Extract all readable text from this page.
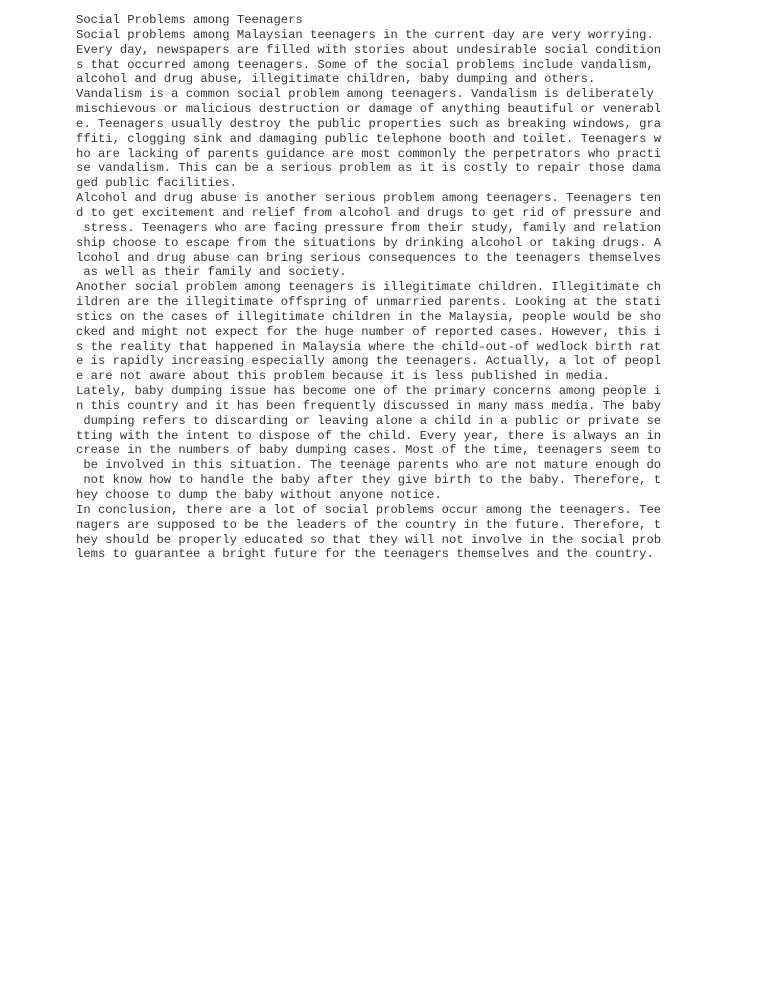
Social Problems among Teenagers
Social problems among Malaysian teenagers in the current day are very worrying.
Every day, newspapers are filled with stories about undesirable social condition
s that occurred among teenagers. Some of the social problems include vandalism,
alcohol and drug abuse, illegitimate children, baby dumping and others.
Vandalism is a common social problem among teenagers. Vandalism is deliberately
mischievous or malicious destruction or damage of anything beautiful or venerabl
e. Teenagers usually destroy the public properties such as breaking windows, gra
ffiti, clogging sink and damaging public telephone booth and toilet. Teenagers w
ho are lacking of parents guidance are most commonly the perpetrators who practi
se vandalism. This can be a serious problem as it is costly to repair those dama
ged public facilities.
Alcohol and drug abuse is another serious problem among teenagers. Teenagers ten
d to get excitement and relief from alcohol and drugs to get rid of pressure and
stress. Teenagers who are facing pressure from their study, family and relation
ship choose to escape from the situations by drinking alcohol or taking drugs. A
lcohol and drug abuse can bring serious consequences to the teenagers themselves
as well as their family and society.
Another social problem among teenagers is illegitimate children. Illegitimate ch
ildren are the illegitimate offspring of unmarried parents. Looking at the stati
stics on the cases of illegitimate children in the Malaysia, people would be sho
cked and might not expect for the huge number of reported cases. However, this i
s the reality that happened in Malaysia where the child-out-of wedlock birth rat
e is rapidly increasing especially among the teenagers. Actually, a lot of peopl
e are not aware about this problem because it is less published in media.
Lately, baby dumping issue has become one of the primary concerns among people i
n this country and it has been frequently discussed in many mass media. The baby
dumping refers to discarding or leaving alone a child in a public or private se
tting with the intent to dispose of the child. Every year, there is always an in
crease in the numbers of baby dumping cases. Most of the time, teenagers seem to
be involved in this situation. The teenage parents who are not mature enough do
not know how to handle the baby after they give birth to the baby. Therefore, t
hey choose to dump the baby without anyone notice.
In conclusion, there are a lot of social problems occur among the teenagers. Tee
nagers are supposed to be the leaders of the country in the future. Therefore, t
hey should be properly educated so that they will not involve in the social prob
lems to guarantee a bright future for the teenagers themselves and the country.
